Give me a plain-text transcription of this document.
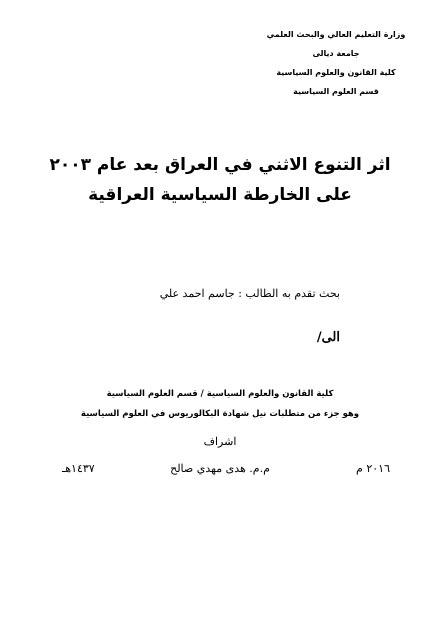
وزارة التعليم العالي والبحث العلمي
جامعة ديالى
كلية القانون والعلوم السياسية
قسم العلوم السياسية
اثر التنوع الاثني في العراق بعد عام ٢٠٠٣
على الخارطة السياسية العراقية
بحث تقدم به الطالب : جاسم احمد علي
الى/
كلية القانون والعلوم السياسية / قسم العلوم السياسية
وهو جزء من متطلبات نيل شهادة البكالوريوس في العلوم السياسية
اشراف
٢٠١٦ م
م.م. هدى مهدي صالح
١٤٣٧هـ
